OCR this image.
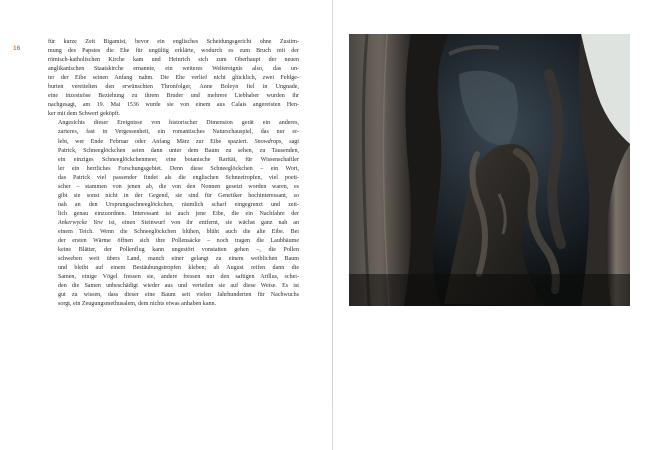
16

für kurze Zeit Bigamist, bevor ein englisches Scheidungsgericht ohne Zustim-
mung des Papstes die Ehe für ungültig erklärte, wodurch es zum Bruch mit der
römisch-katholischen Kirche kam und Heinrich sich zum Oberhaupt der neuen
anglikanischen Staatskirche ernannte, ein weiteres Weltereignis also, das un-
ter der Eibe seinen Anfang nahm. Die Ehe verlief nicht glücklich, zwei Fehlge-
burten vereitelten den erwünschten Thronfolger, Anne Boleyn fiel in Ungnade,
eine inzestuöse Beziehung zu ihrem Bruder und mehrere Liebhaber wurden ihr
nachgesagt, am 19. Mai 1536 wurde sie von einem aus Calais angereisten Hen-
ker mit dem Schwert geköpft.

Angesichts dieser Ereignisse von historischer Dimension gerät ein anderes,
zarteres, fast in Vergessenheit, ein romantisches Naturschauspiel, das nur er-
lebt, wer Ende Februar oder Anfang März zur Eibe spaziert. Snowdrops, sagt
Patrick, Schneeglöckchen seien dann unter dem Baum zu sehen, zu Tausenden,
ein einziges Schneeglöckchenmeer, eine botanische Rarität, für Wissenschaftler
ler ein herrliches Forschungsgebiet. Denn diese Schneeglöckchen – ein Wort,
das Patrick viel passender findet als die englischen Schneetropfen, viel poeti-
scher – stammen von jenen ab, die von den Nonnen gesetzt worden waren, es
gibt sie sonst nicht in der Gegend, sie sind für Genetiker hochinteressant, so
nah an den Ursprungsschneeglöckchen, räumlich scharf eingegrenzt und zeit-
lich genau einzuordnen. Interessant ist auch jene Eibe, die ein Nachfahre der
Ankerwycke Yew ist, einen Steinwurf von ihr entfernt, sie wächst ganz nah an
einem Teich. Wenn die Schneeglöckchen blühen, blüht auch die alte Eibe. Bei
der ersten Wärme öffnen sich ihre Pollensäcke – noch tragen die Laubbäume
keine Blätter, der Pollenflug kann ungestört vonstatten gehen –, die Pollen
schweben weit übers Land, manch einer gelangt zu einem weiblichen Baum
und bleibt auf einem Bestäubungstropfen kleben; ab August reifen dann die
Samen, einige Vögel fressen sie, andere fressen nur den saftigen Arillus, schei-
den die Samen unbeschädigt wieder aus und verteilen sie auf diese Weise. Es ist
gut zu wissen, dass dieser eine Baum seit vielen Jahrhunderten für Nachwuchs
sorgt, ein Zeugungsmethusalem, dem nichts etwas anhaben kann.
